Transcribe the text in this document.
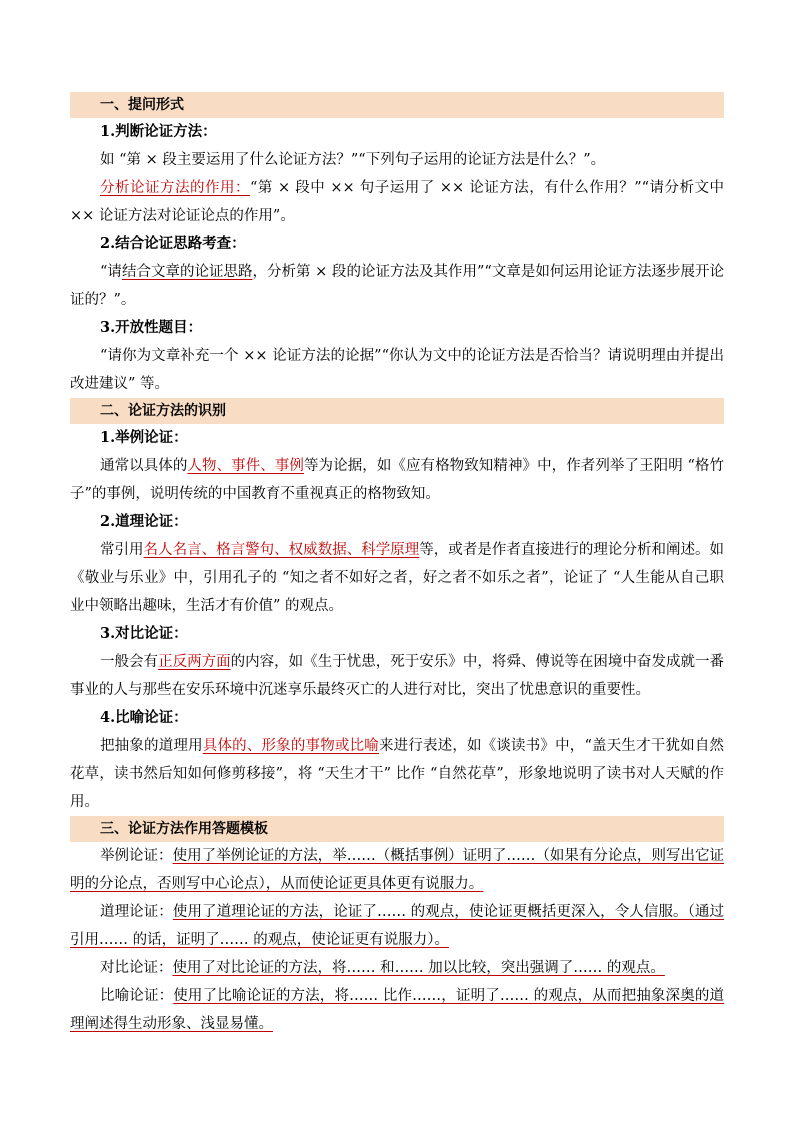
一、提问形式
1.判断论证方法：
如 “第 × 段主要运用了什么论证方法？”“下列句子运用的论证方法是什么？”。
分析论证方法的作用：“第 × 段中 ×× 句子运用了 ×× 论证方法，有什么作用？”“请分析文中 ×× 论证方法对论证论点的作用”。
2.结合论证思路考查：
“请结合文章的论证思路，分析第 × 段的论证方法及其作用”“文章是如何运用论证方法逐步展开论证的？”。
3.开放性题目：
“请你为文章补充一个 ×× 论证方法的论据”“你认为文中的论证方法是否恰当？请说明理由并提出改进建议” 等。
二、论证方法的识别
1.举例论证：
通常以具体的人物、事件、事例等为论据，如《应有格物致知精神》中，作者列举了王阳明 “格竹子”的事例，说明传统的中国教育不重视真正的格物致知。
2.道理论证：
常引用名人名言、格言警句、权威数据、科学原理等，或者是作者直接进行的理论分析和阐述。如《敬业与乐业》中，引用孔子的 “知之者不如好之者，好之者不如乐之者”，论证了 “人生能从自己职业中领略出趣味，生活才有价值” 的观点。
3.对比论证：
一般会有正反两方面的内容，如《生于忧患，死于安乐》中，将舜、傅说等在困境中奋发成就一番事业的人与那些在安乐环境中沉迷享乐最终灭亡的人进行对比，突出了忧患意识的重要性。
4.比喻论证：
把抽象的道理用具体的、形象的事物或比喻来进行表述，如《谈读书》中，“盖天生才干犹如自然花草，读书然后知如何修剪移接”，将 “天生才干” 比作 “自然花草”，形象地说明了读书对人天赋的作用。
三、论证方法作用答题模板
举例论证：使用了举例论证的方法，举……（概括事例）证明了……（如果有分论点，则写出它证明的分论点，否则写中心论点），从而使论证更具体更有说服力。
道理论证：使用了道理论证的方法，论证了…… 的观点，使论证更概括更深入，令人信服。（通过引用…… 的话，证明了…… 的观点，使论证更有说服力）。
对比论证：使用了对比论证的方法，将…… 和…… 加以比较，突出强调了…… 的观点。
比喻论证：使用了比喻论证的方法，将…… 比作……，证明了…… 的观点，从而把抽象深奥的道理阐述得生动形象、浅显易懂。
